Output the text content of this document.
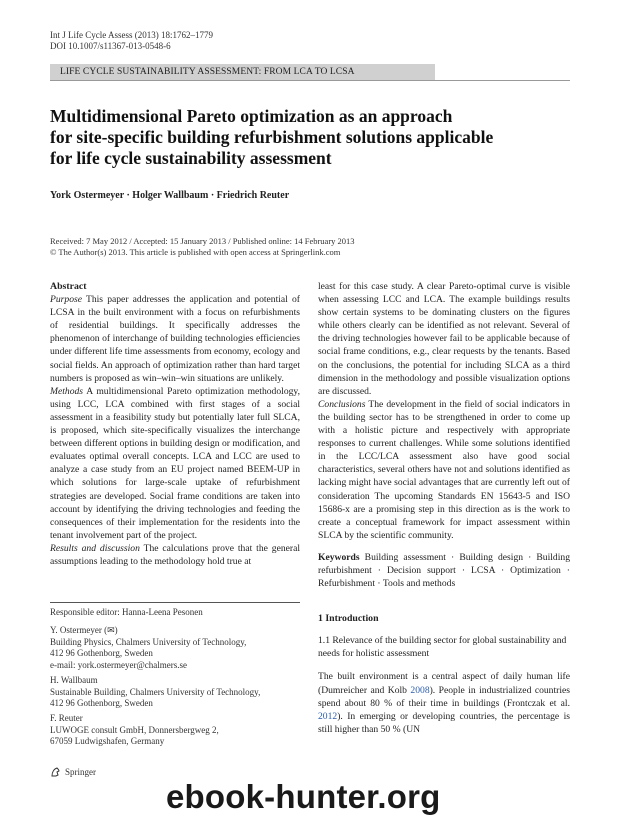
Int J Life Cycle Assess (2013) 18:1762–1779
DOI 10.1007/s11367-013-0548-6
LIFE CYCLE SUSTAINABILITY ASSESSMENT: FROM LCA TO LCSA
Multidimensional Pareto optimization as an approach
for site-specific building refurbishment solutions applicable
for life cycle sustainability assessment
York Ostermeyer · Holger Wallbaum · Friedrich Reuter
Received: 7 May 2012 / Accepted: 15 January 2013 / Published online: 14 February 2013
© The Author(s) 2013. This article is published with open access at Springerlink.com

Abstract

Purpose This paper addresses the application and potential of LCSA in the built environment with a focus on refurbishments of residential buildings. It specifically addresses the phenomenon of interchange of building technologies efficiencies under different life time assessments from economy, ecology and social fields. An approach of optimization rather than hard target numbers is proposed as win–win–win situations are unlikely.

Methods A multidimensional Pareto optimization methodology, using LCC, LCA combined with first stages of a social assessment in a feasibility study but potentially later full SLCA, is proposed, which site-specifically visualizes the interchange between different options in building design or modification, and evaluates optimal overall concepts. LCA and LCC are used to analyze a case study from an EU project named BEEM-UP in which solutions for large-scale uptake of refurbishment strategies are developed. Social frame conditions are taken into account by identifying the driving technologies and feeding the consequences of their implementation for the residents into the tenant involvement part of the project.

Results and discussion The calculations prove that the general assumptions leading to the methodology hold true at

Responsible editor: Hanna-Leena Pesonen
Y. Ostermeyer (✉)
Building Physics, Chalmers University of Technology,
412 96 Gothenborg, Sweden
e-mail: york.ostermeyer@chalmers.se
H. Wallbaum
Sustainable Building, Chalmers University of Technology,
412 96 Gothenborg, Sweden
F. Reuter
LUWOGE consult GmbH, Donnersbergweg 2,
67059 Ludwigshafen, Germany

least for this case study. A clear Pareto-optimal curve is visible when assessing LCC and LCA. The example buildings results show certain systems to be dominating clusters on the figures while others clearly can be identified as not relevant. Several of the driving technologies however fail to be applicable because of social frame conditions, e.g., clear requests by the tenants. Based on the conclusions, the potential for including SLCA as a third dimension in the methodology and possible visualization options are discussed.

Conclusions The development in the field of social indicators in the building sector has to be strengthened in order to come up with a holistic picture and respectively with appropriate responses to current challenges. While some solutions identified in the LCC/LCA assessment also have good social characteristics, several others have not and solutions identified as lacking might have social advantages that are currently left out of consideration The upcoming Standards EN 15643-5 and ISO 15686-x are a promising step in this direction as is the work to create a conceptual framework for impact assessment within SLCA by the scientific community.

Keywords Building assessment · Building design · Building refurbishment · Decision support · LCSA · Optimization · Refurbishment · Tools and methods

1 Introduction

1.1 Relevance of the building sector for global sustainability and needs for holistic assessment

The built environment is a central aspect of daily human life (Dumreicher and Kolb 2008). People in industrialized countries spend about 80 % of their time in buildings (Frontczak et al. 2012). In emerging or developing countries, the percentage is still higher than 50 % (UN

Springer
ebook-hunter.org
